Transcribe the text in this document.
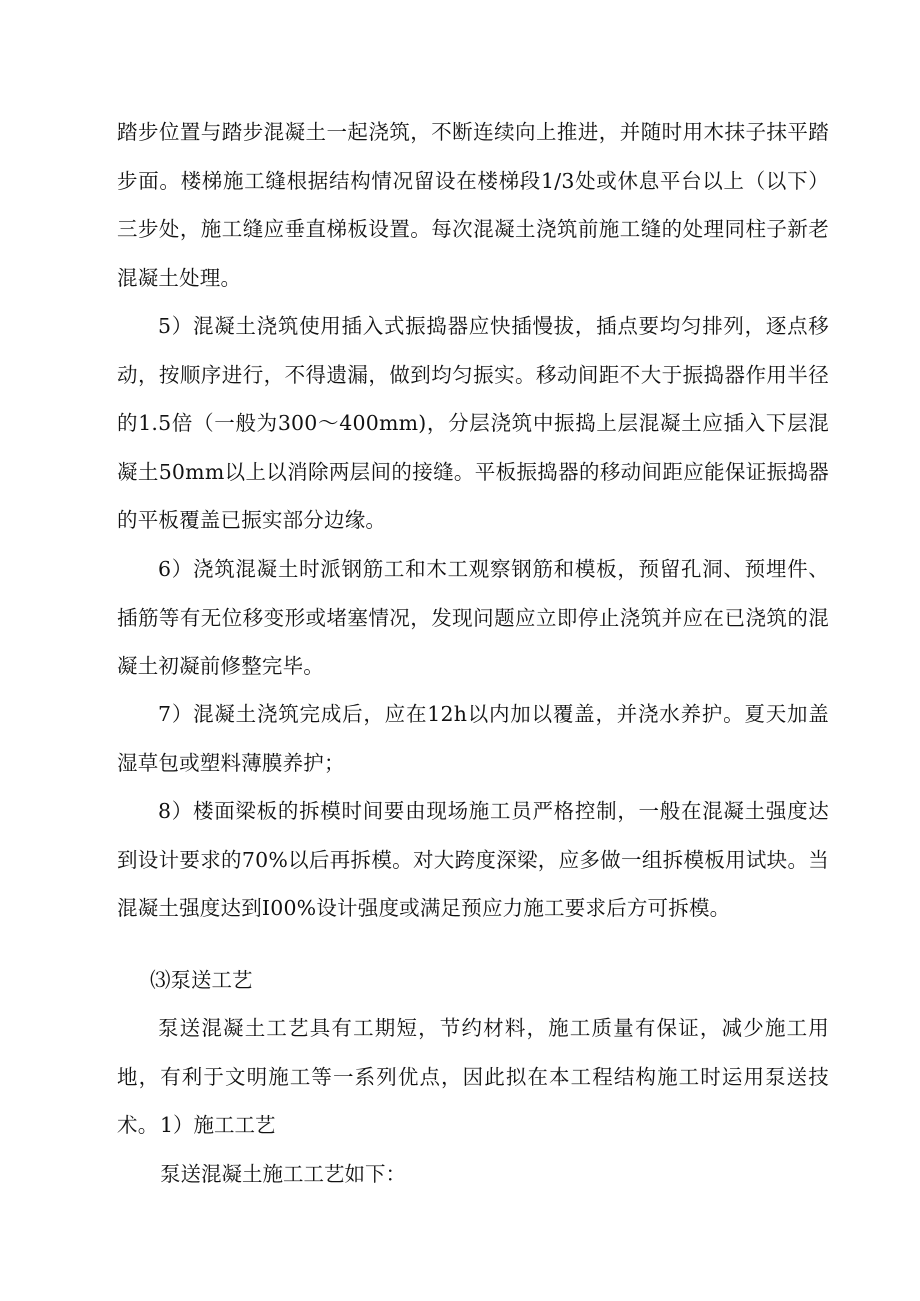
踏步位置与踏步混凝土一起浇筑，不断连续向上推进，并随时用木抹子抹平踏步面。楼梯施工缝根据结构情况留设在楼梯段1/3处或休息平台以上（以下）三步处，施工缝应垂直梯板设置。每次混凝土浇筑前施工缝的处理同柱子新老混凝土处理。

5）混凝土浇筑使用插入式振捣器应快插慢拔，插点要均匀排列，逐点移动，按顺序进行，不得遗漏，做到均匀振实。移动间距不大于振捣器作用半径的1.5倍（一般为300～400mm)，分层浇筑中振捣上层混凝土应插入下层混凝土50mm以上以消除两层间的接缝。平板振捣器的移动间距应能保证振捣器的平板覆盖已振实部分边缘。

6）浇筑混凝土时派钢筋工和木工观察钢筋和模板，预留孔洞、预埋件、插筋等有无位移变形或堵塞情况，发现问题应立即停止浇筑并应在已浇筑的混凝土初凝前修整完毕。

7）混凝土浇筑完成后，应在12h以内加以覆盖，并浇水养护。夏天加盖湿草包或塑料薄膜养护；

8）楼面梁板的拆模时间要由现场施工员严格控制，一般在混凝土强度达到设计要求的70%以后再拆模。对大跨度深梁，应多做一组拆模板用试块。当混凝土强度达到I00%设计强度或满足预应力施工要求后方可拆模。

⑶泵送工艺

泵送混凝土工艺具有工期短，节约材料，施工质量有保证，减少施工用地，有利于文明施工等一系列优点，因此拟在本工程结构施工时运用泵送技术。 1）施工工艺

泵送混凝土施工工艺如下：
